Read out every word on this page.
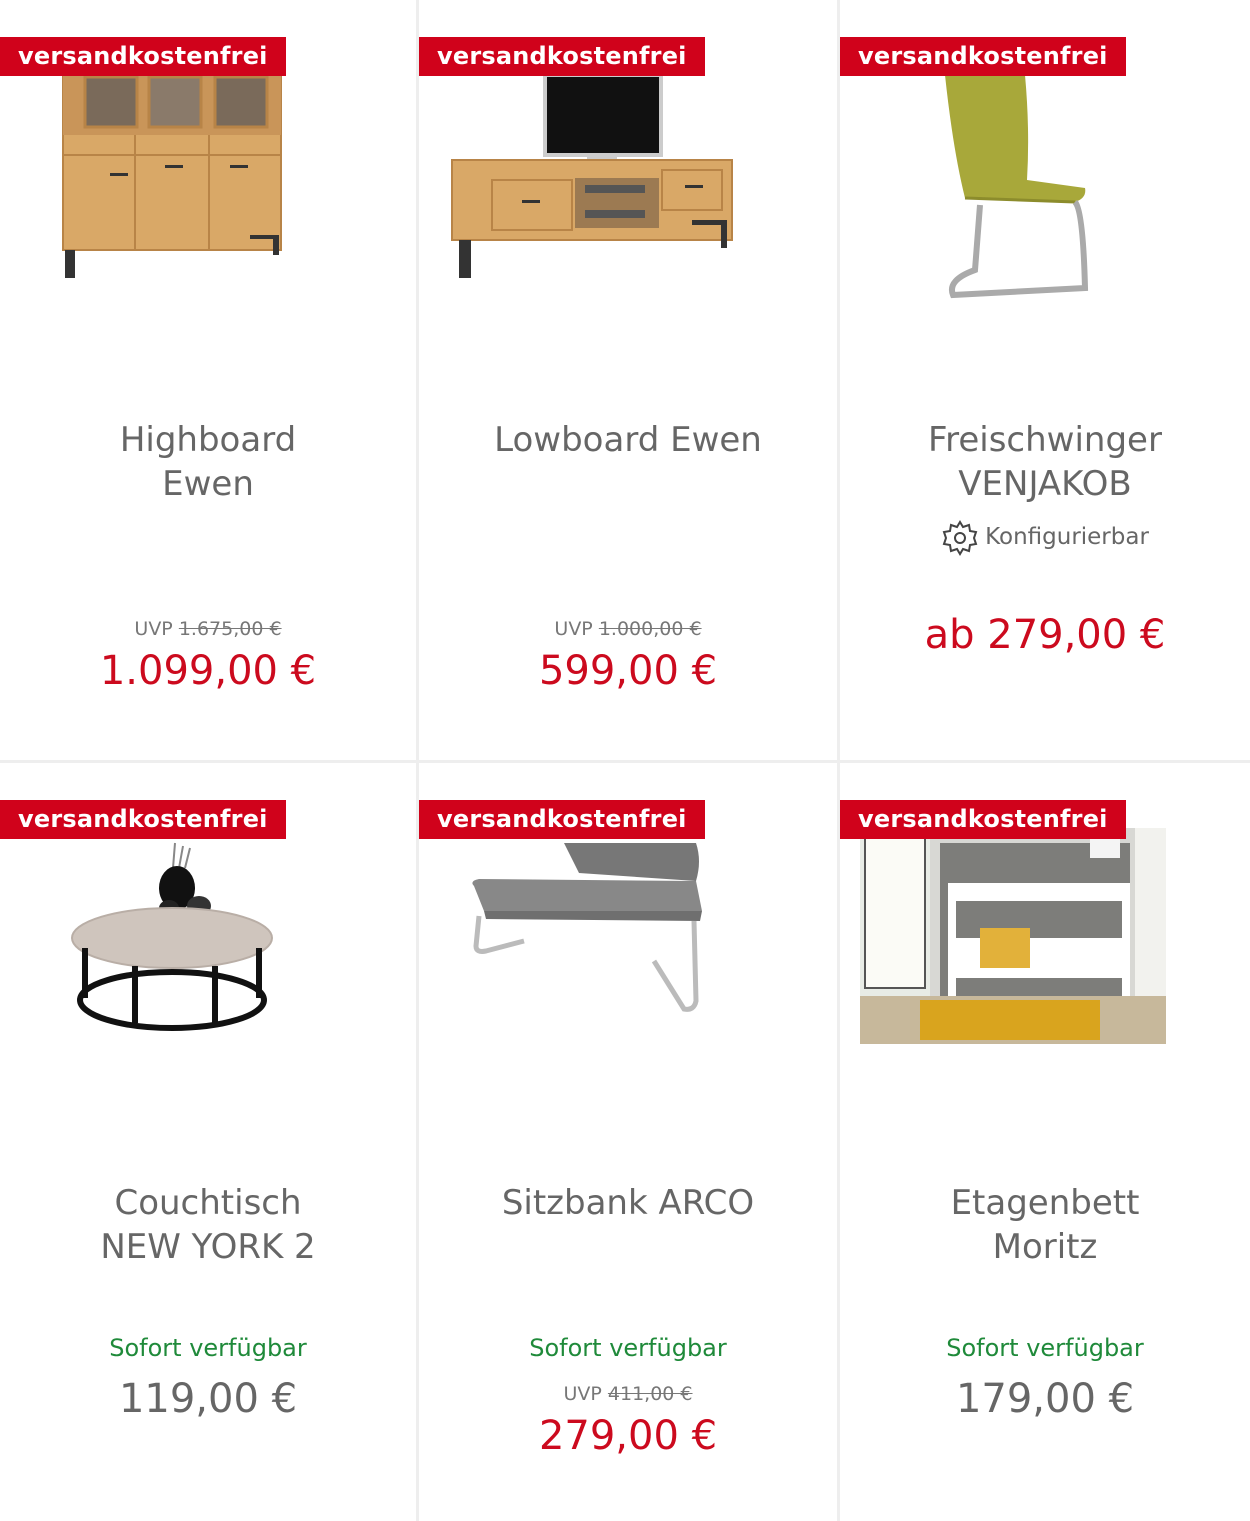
versandkostenfrei
Highboard
Ewen
UVP 1.675,00 €
1.099,00 €
versandkostenfrei
Lowboard Ewen
UVP 1.000,00 €
599,00 €
versandkostenfrei
Freischwinger
VENJAKOB
Konfigurierbar
ab 279,00 €
versandkostenfrei
Couchtisch
NEW YORK 2
Sofort verfügbar
119,00 €
versandkostenfrei
Sitzbank ARCO
Sofort verfügbar
UVP 411,00 €
279,00 €
versandkostenfrei
Etagenbett
Moritz
Sofort verfügbar
179,00 €
